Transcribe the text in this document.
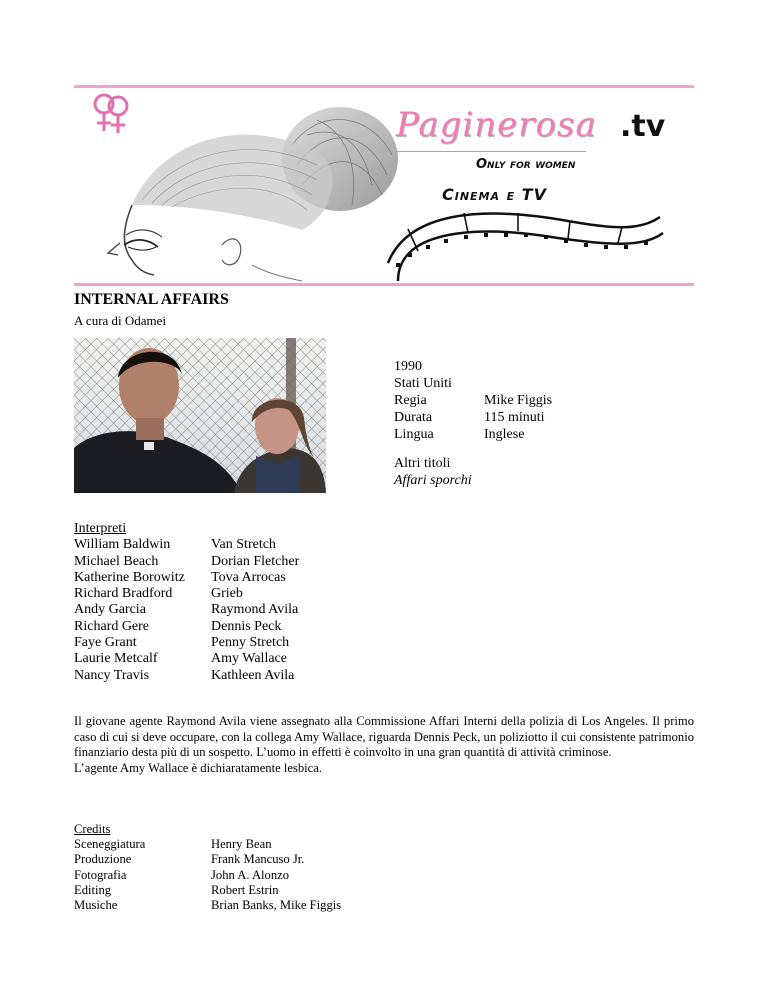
Paginerosa .tv
Only for women
Cinema e TV
INTERNAL AFFAIRS
A cura di Odamei
1990
Stati Uniti
Regia	Mike Figgis
Durata	115 minuti
Lingua	Inglese
Altri titoli
Affari sporchi
Interpreti
William Baldwin	Van Stretch
Michael Beach	Dorian Fletcher
Katherine Borowitz	Tova Arrocas
Richard Bradford	Grieb
Andy Garcia	Raymond Avila
Richard Gere	Dennis Peck
Faye Grant	Penny Stretch
Laurie Metcalf	Amy Wallace
Nancy Travis	Kathleen Avila

Il giovane agente Raymond Avila viene assegnato alla Commissione Affari Interni della polizia di Los Angeles. Il primo caso di cui si deve occupare, con la collega Amy Wallace, riguarda Dennis Peck, un poliziotto il cui consistente patrimonio finanziario desta più di un sospetto. L’uomo in effetti è coinvolto in una gran quantità di attività criminose.

L’agente Amy Wallace è dichiaratamente lesbica.

Credits
Sceneggiatura	Henry Bean
Produzione	Frank Mancuso Jr.
Fotografia	John A. Alonzo
Editing	Robert Estrin
Musiche	Brian Banks, Mike Figgis
